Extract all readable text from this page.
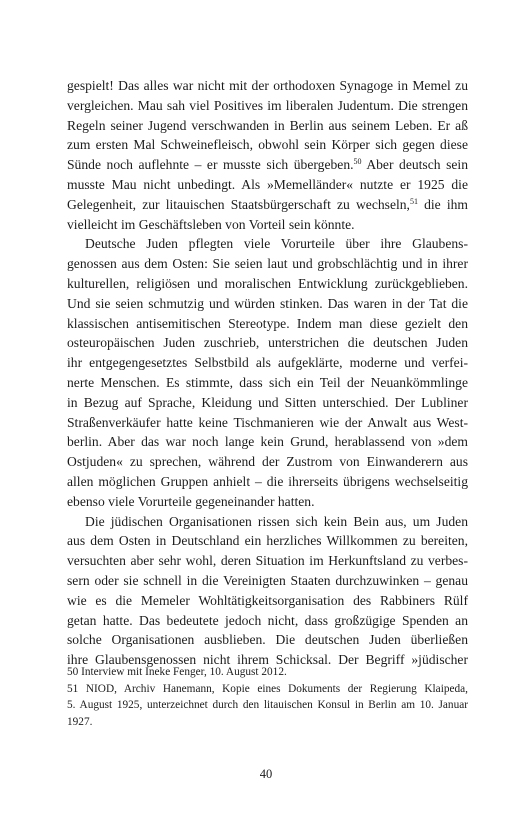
gespielt! Das alles war nicht mit der orthodoxen Synagoge in Memel zu
vergleichen. Mau sah viel Positives im liberalen Judentum. Die strengen
Regeln seiner Jugend verschwanden in Berlin aus seinem Leben. Er aß
zum ersten Mal Schweinefleisch, obwohl sein Körper sich gegen diese
Sünde noch auflehnte – er musste sich übergeben.$^{50}$ Aber deutsch sein
musste Mau nicht unbedingt. Als »Memelländer« nutzte er 1925 die
Gelegenheit, zur litauischen Staatsbürgerschaft zu wechseln,$^{51}$ die ihm
vielleicht im Geschäftsleben von Vorteil sein könnte.
Deutsche Juden pflegten viele Vorurteile über ihre Glaubens-
genossen aus dem Osten: Sie seien laut und grobschlächtig und in ihrer
kulturellen, religiösen und moralischen Entwicklung zurückgeblieben.
Und sie seien schmutzig und würden stinken. Das waren in der Tat die
klassischen antisemitischen Stereotype. Indem man diese gezielt den
osteuropäischen Juden zuschrieb, unterstrichen die deutschen Juden
ihr entgegengesetztes Selbstbild als aufgeklärte, moderne und verfei-
nerte Menschen. Es stimmte, dass sich ein Teil der Neuankömmlinge
in Bezug auf Sprache, Kleidung und Sitten unterschied. Der Lubliner
Straßenverkäufer hatte keine Tischmanieren wie der Anwalt aus West-
berlin. Aber das war noch lange kein Grund, herablassend von »dem
Ostjuden« zu sprechen, während der Zustrom von Einwanderern aus
allen möglichen Gruppen anhielt – die ihrerseits übrigens wechselseitig
ebenso viele Vorurteile gegeneinander hatten.
Die jüdischen Organisationen rissen sich kein Bein aus, um Juden
aus dem Osten in Deutschland ein herzliches Willkommen zu bereiten,
versuchten aber sehr wohl, deren Situation im Herkunftsland zu verbes-
sern oder sie schnell in die Vereinigten Staaten durchzuwinken – genau
wie es die Memeler Wohltätigkeitsorganisation des Rabbiners Rülf
getan hatte. Das bedeutete jedoch nicht, dass großzügige Spenden an
solche Organisationen ausblieben. Die deutschen Juden überließen
ihre Glaubensgenossen nicht ihrem Schicksal. Der Begriff »jüdischer
50 Interview mit Ineke Fenger, 10. August 2012.
51 NIOD, Archiv Hanemann, Kopie eines Dokuments der Regierung Klaipeda,
5. August 1925, unterzeichnet durch den litauischen Konsul in Berlin am 10. Januar
1927.
40
